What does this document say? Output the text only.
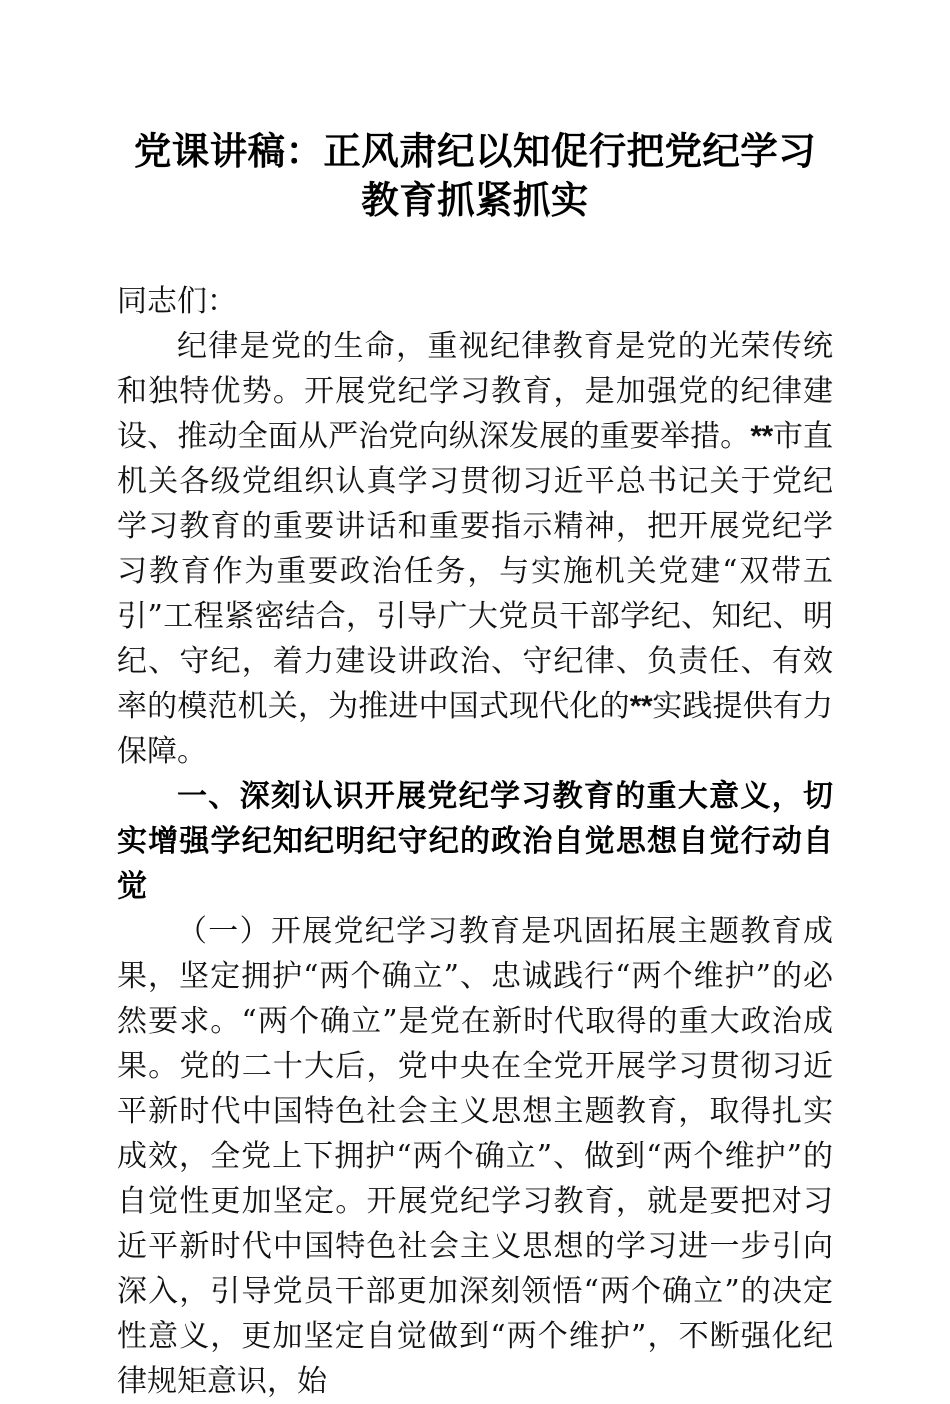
党课讲稿：正风肃纪以知促行把党纪学习教育抓紧抓实

同志们：

纪律是党的生命，重视纪律教育是党的光荣传统和独特优势。开展党纪学习教育，是加强党的纪律建设、推动全面从严治党向纵深发展的重要举措。**市直机关各级党组织认真学习贯彻习近平总书记关于党纪学习教育的重要讲话和重要指示精神，把开展党纪学习教育作为重要政治任务，与实施机关党建“双带五引”工程紧密结合，引导广大党员干部学纪、知纪、明纪、守纪，着力建设讲政治、守纪律、负责任、有效率的模范机关，为推进中国式现代化的**实践提供有力保障。

一、深刻认识开展党纪学习教育的重大意义，切实增强学纪知纪明纪守纪的政治自觉思想自觉行动自觉

（一）开展党纪学习教育是巩固拓展主题教育成果，坚定拥护“两个确立”、忠诚践行“两个维护”的必然要求。“两个确立”是党在新时代取得的重大政治成果。党的二十大后，党中央在全党开展学习贯彻习近平新时代中国特色社会主义思想主题教育，取得扎实成效，全党上下拥护“两个确立”、做到“两个维护”的自觉性更加坚定。开展党纪学习教育，就是要把对习近平新时代中国特色社会主义思想的学习进一步引向深入，引导党员干部更加深刻领悟“两个确立”的决定性意义，更加坚定自觉做到“两个维护”，不断强化纪律规矩意识，始
